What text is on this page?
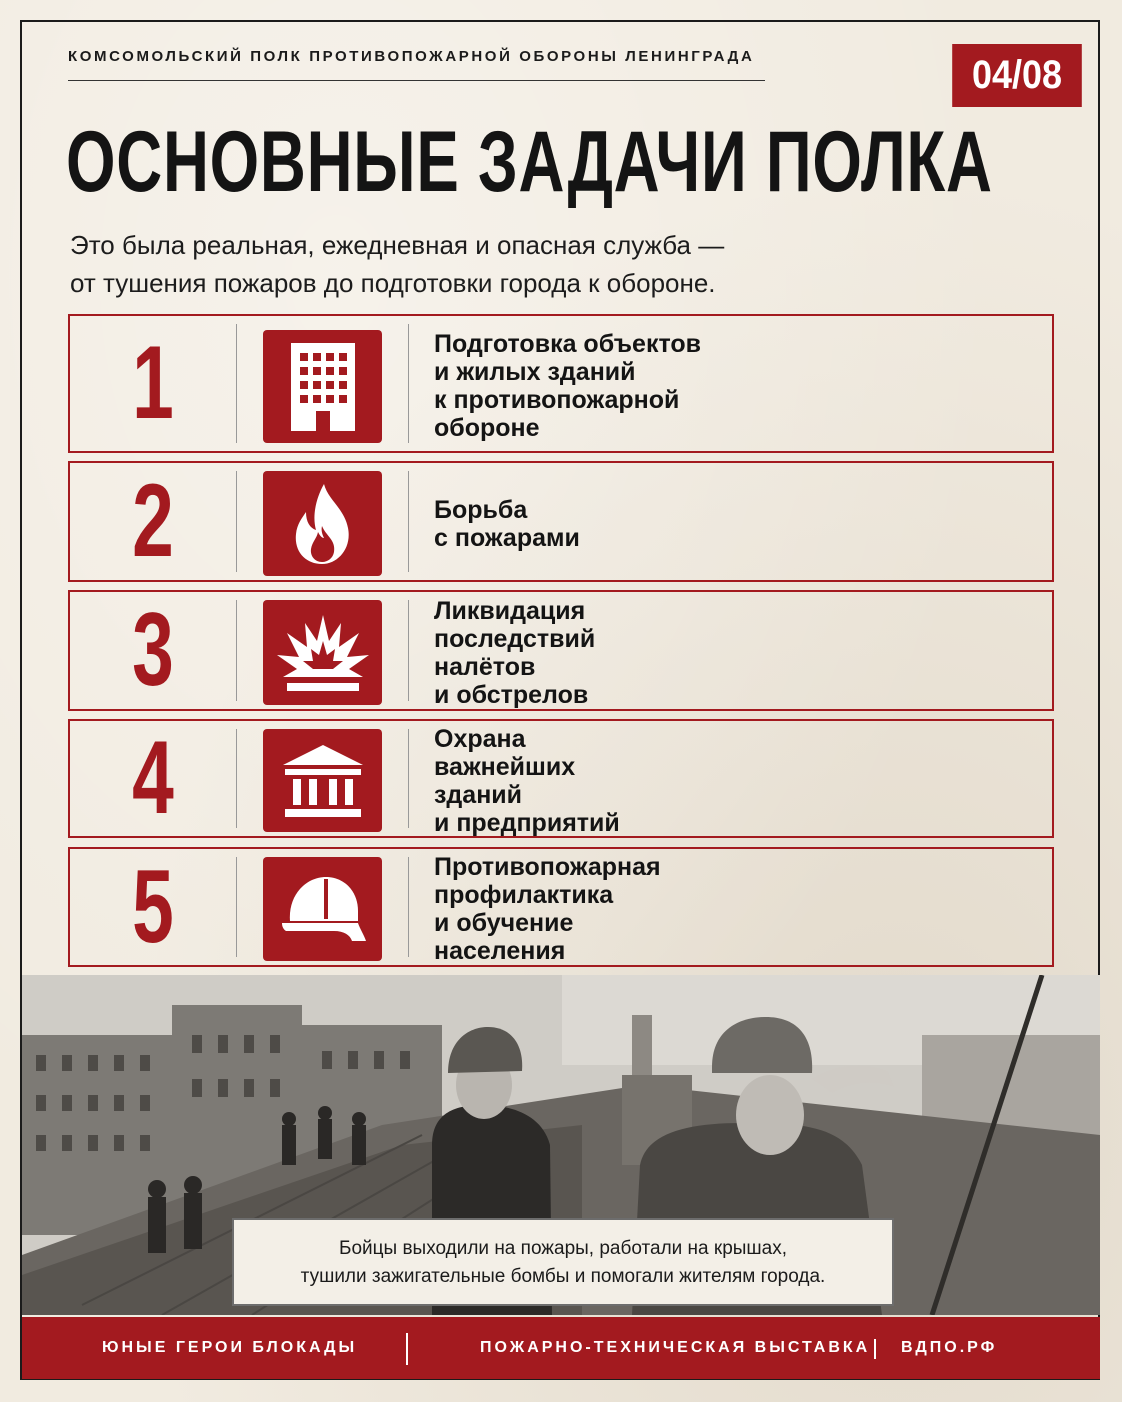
КОМСОМОЛЬСКИЙ ПОЛК ПРОТИВОПОЖАРНОЙ ОБОРОНЫ ЛЕНИНГРАДА	04/08
ОСНОВНЫЕ ЗАДАЧИ ПОЛКА
Это была реальная, ежедневная и опасная служба —
от тушения пожаров до подготовки города к обороне.
1	Подготовка объектов
и жилых зданий
к противопожарной
обороне
2	Борьба
с пожарами
3	Ликвидация
последствий
налётов
и обстрелов
4	Охрана
важнейших
зданий
и предприятий
5	Противопожарная
профилактика
и обучение
населения
Бойцы выходили на пожары, работали на крышах,
тушили зажигательные бомбы и помогали жителям города.
ЮНЫЕ ГЕРОИ БЛОКАДЫ	ПОЖАРНО-ТЕХНИЧЕСКАЯ ВЫСТАВКА ВДПО.РФ
